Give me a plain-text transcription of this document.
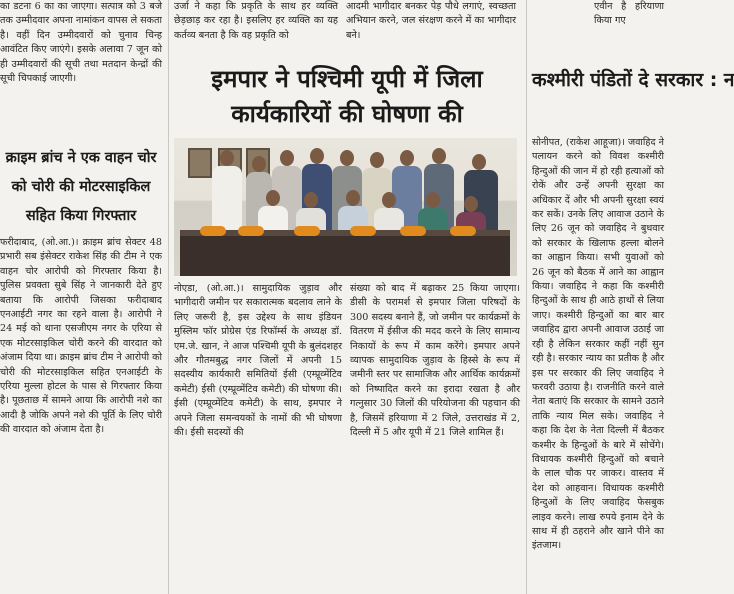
का डटना 6 का का जाएगा। सत्पात्र को 3 बजे तक उम्मीदवार अपना नामांकन वापस ले सकता है। वहीं दिन उम्मीदवारों को चुनाव चिन्ह आवंटित किए जाएंगे। इसके अलावा 7 जून को ही उम्मीदवारों की सूची तथा मतदान केन्द्रों की सूची चिपकाई जाएगी।

उर्जा ने कहा कि प्रकृति के साथ हर व्यक्ति छेड़छाड़ कर रहा है। इसलिए हर व्यक्ति का यह कर्तव्य बनता है कि वह प्रकृति को

आदमी भागीदार बनकर पेड़ पौधे लगाएं, स्वच्छता अभियान करने, जल संरक्षण करने में का भागीदार बने।

एवीन है हरियाणा किया गए

क्राइम ब्रांच ने एक वाहन चोर को चोरी की मोटरसाइकिल सहित किया गिरफ्तार

फरीदाबाद, (ओ.आ.)। क्राइम ब्रांच सेक्टर 48 प्रभारी सब इंसेक्टर राकेश सिंह की टीम ने एक वाहन चोर आरोपी को गिरफ्तार किया है। पुलिस प्रवक्ता सुबे सिंह ने जानकारी देते हुए बताया कि आरोपी जिसका फरीदाबाद एनआईटी नगर का रहने वाला है। आरोपी ने 24 मई को थाना एसजीएम नगर के एरिया से एक मोटरसाइकिल चोरी करने की वारदात को अंजाम दिया था। क्राइम ब्रांच टीम ने आरोपी को चोरी की मोटरसाइकिल सहित एनआईटी के एरिया मुल्ला होटल के पास से गिरफ्तार किया है। पूछताछ में सामने आया कि आरोपी नशे का आदी है जोकि अपने नशे की पूर्ति के लिए चोरी की वारदात को अंजाम देता है।

इमपार ने पश्चिमी यूपी में जिला कार्यकारियों की घोषणा की

नोएडा, (ओ.आ.)। सामुदायिक जुड़ाव और भागीदारी जमीन पर सकारात्मक बदलाव लाने के लिए जरूरी है, इस उद्देश्य के साथ इंडियन मुस्लिम फॉर प्रोग्रेस एंड रिफॉर्म्स के अध्यक्ष डॉ. एम.जे. खान, ने आज पश्चिमी यूपी के बुलंदशहर और गौतमबुद्ध नगर जिलों में अपनी 15 सदस्यीय कार्यकारी समितियों ईसी (एम्प्रूव्मेंटिव कमेटी) ईसी (एम्प्रूव्मेंटिव कमेटी) की घोषणा की। ईसी (एम्प्रूव्मेंटिव कमेटी) के साथ, इमपार ने अपने जिला समन्वयकों के नामों की भी घोषणा की। ईसी सदस्यों की

संख्या को बाद में बढ़ाकर 25 किया जाएगा। डीसी के परामर्श से इमपार जिला परिषदों के 300 सदस्य बनाने हैं, जो जमीन पर कार्यक्रमों के वितरण में ईसीज की मदद करने के लिए सामान्य निकायों के रूप में काम करेंगे। इमपार अपने व्यापक सामुदायिक जुड़ाव के हिस्से के रूप में जमीनी स्तर पर सामाजिक और आर्थिक कार्यक्रमों को निष्पादित करने का इरादा रखता है और गत्नुसार 30 जिलों की परियोजना की पहचान की है, जिसमें हरियाणा में 2 जिले, उत्तराखंड में 2, दिल्ली में 5 और यूपी में 21 जिले शामिल हैं।

कश्मीरी पंडितों दे सरकार : न

सोनीपत, (राकेश आहूजा)। जवाहिद ने पलायन करने को विवश कश्मीरी हिन्दुओं की जान में हो रही हत्याओं को रोकें और उन्हें अपनी सुरक्षा का अधिकार दें और भी अपनी सुरक्षा स्वयं कर सकें। उनके लिए आवाज उठाने के लिए 26 जून को जवाहिद ने बुधवार को सरकार के खिलाफ हल्ला बोलने का आह्वान किया। सभी युवाओं को 26 जून को बैठक में आने का आह्वान किया। जवाहिद ने कहा कि कश्मीरी हिन्दुओं के साथ ही आठे हाथों से लिया जाए। कश्मीरी हिन्दुओं का बार बार जवाहिद द्वारा अपनी आवाज उठाई जा रही है लेकिन सरकार कहीं नहीं सुन रही है। सरकार न्याय का प्रतीक है और इस पर सरकार की लिए जवाहिद ने फरवरी उठाया है। राजनीति करने वाले नेता बताएं कि सरकार के सामने उठाने ताकि न्याय मिल सके। जवाहिद ने कहा कि देश के नेता दिल्ली में बैठकर कश्मीर के हिन्दुओं के बारे में सोचेंगे। विधायक कश्मीरी हिन्दुओं को बचाने के लाल चौक पर जाकर। वास्तव में देश को आहवान। विधायक कश्मीरी हिन्दुओं के लिए जवाहिद फेसबुक लाइव करने। लाख रुपये इनाम देने के साथ में ही ठहराने और खाने पीने का इंतजाम।
